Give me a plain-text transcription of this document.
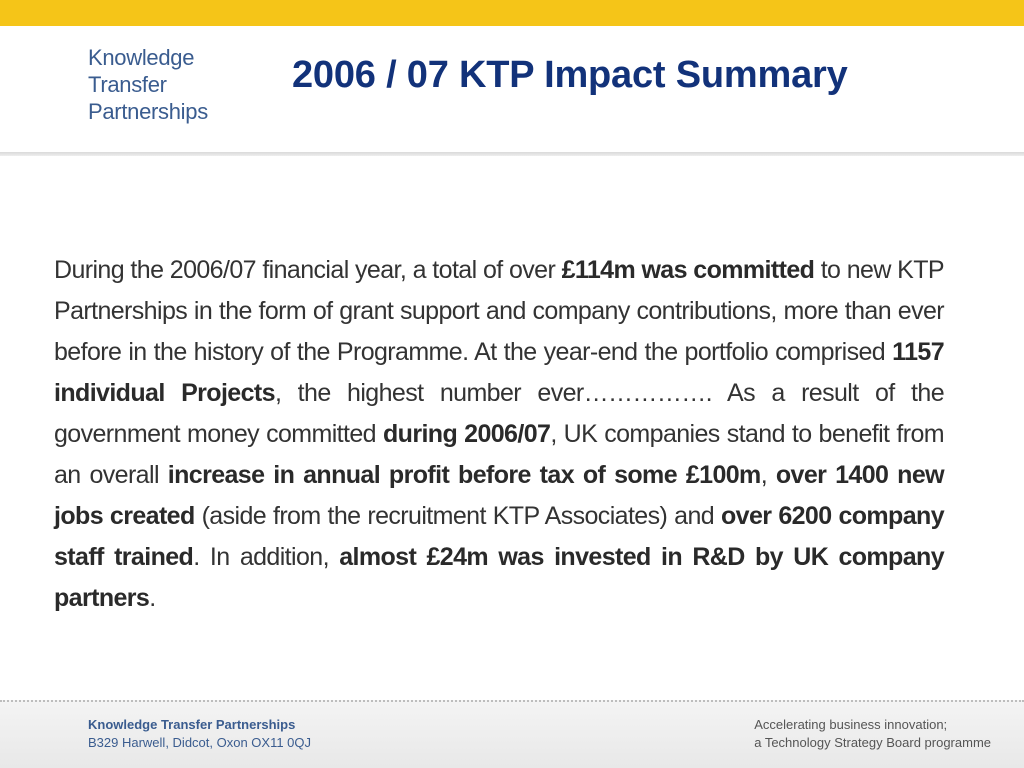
Knowledge
Transfer
Partnerships
2006 / 07 KTP Impact Summary
During the 2006/07 financial year, a total of over £114m was committed to new KTP Partnerships in the form of grant support and company contributions, more than ever before in the history of the Programme. At the year-end the portfolio comprised 1157 individual Projects, the highest number ever……………. As a result of the government money committed during 2006/07, UK companies stand to benefit from an overall increase in annual profit before tax of some £100m, over 1400 new jobs created (aside from the recruitment KTP Associates) and over 6200 company staff trained. In addition, almost £24m was invested in R&D by UK company partners.
Knowledge Transfer Partnerships
B329 Harwell, Didcot, Oxon OX11 0QJ
Accelerating business innovation;
a Technology Strategy Board programme
